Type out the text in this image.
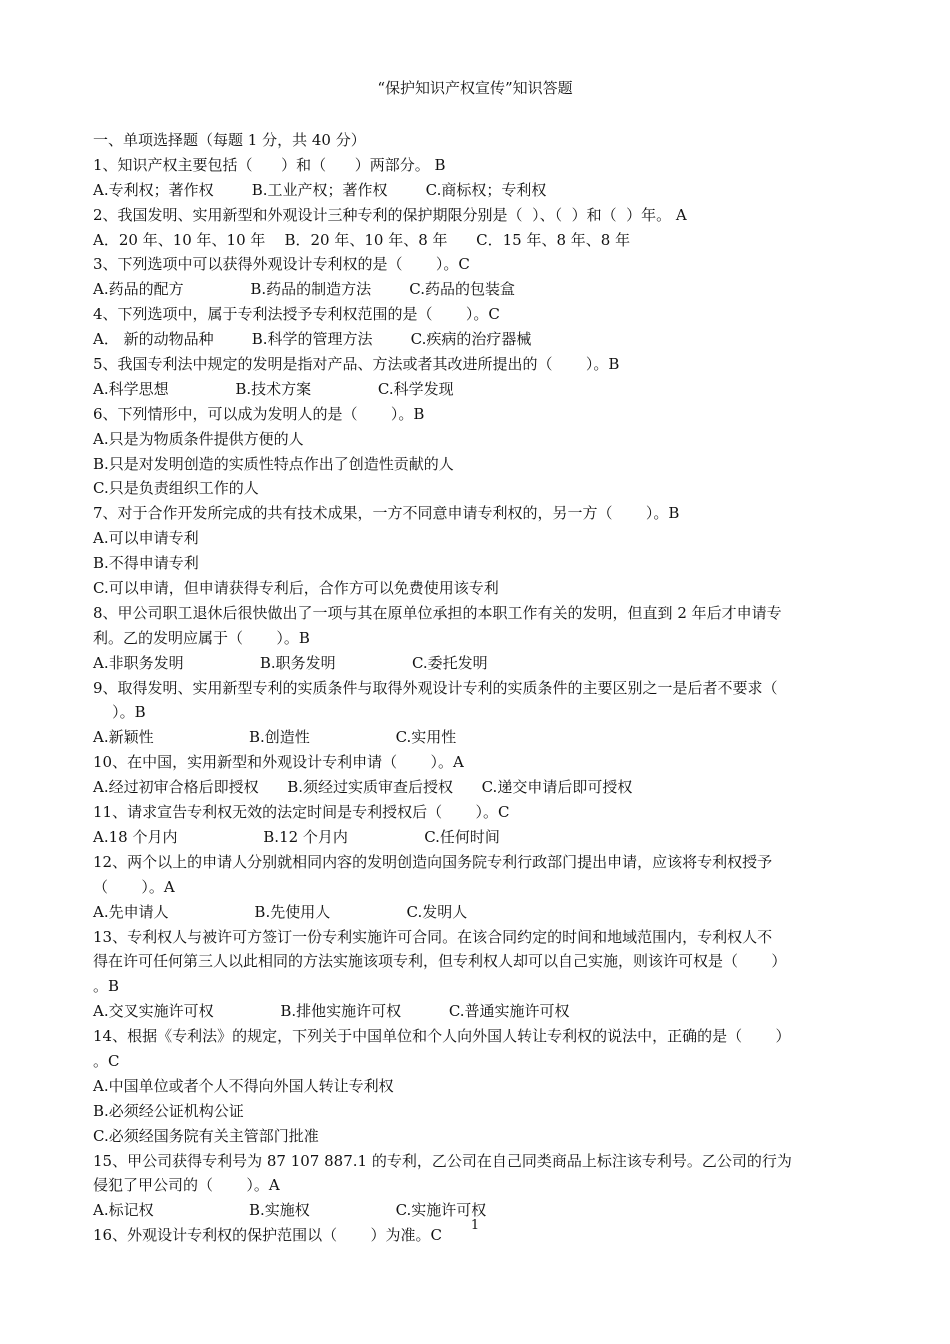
“保护知识产权宣传”知识答题
一、单项选择题（每题 1 分，共 40 分）
1、知识产权主要包括（      ）和（      ）两部分。 B
A.专利权；著作权        B.工业产权；著作权        C.商标权；专利权
2、我国发明、实用新型和外观设计三种专利的保护期限分别是（  ）、（  ）和（  ）年。 A
A．20 年、10 年、10 年    B．20 年、10 年、8 年      C．15 年、8 年、8 年
3、下列选项中可以获得外观设计专利权的是（       ）。C
A.药品的配方              B.药品的制造方法        C.药品的包装盒
4、下列选项中，属于专利法授予专利权范围的是（       ）。C
A． 新的动物品种        B.科学的管理方法        C.疾病的治疗器械
5、我国专利法中规定的发明是指对产品、方法或者其改进所提出的（       ）。B
A.科学思想              B.技术方案              C.科学发现
6、下列情形中，可以成为发明人的是（       ）。B
A.只是为物质条件提供方便的人
B.只是对发明创造的实质性特点作出了创造性贡献的人
C.只是负责组织工作的人
7、对于合作开发所完成的共有技术成果，一方不同意申请专利权的，另一方（       ）。B
A.可以申请专利
B.不得申请专利
C.可以申请，但申请获得专利后，合作方可以免费使用该专利
8、甲公司职工退休后很快做出了一项与其在原单位承担的本职工作有关的发明，但直到 2 年后才申请专
利。乙的发明应属于（       ）。B
A.非职务发明                B.职务发明                C.委托发明
9、取得发明、实用新型专利的实质条件与取得外观设计专利的实质条件的主要区别之一是后者不要求（
）。B
A.新颖性                    B.创造性                  C.实用性
10、在中国，实用新型和外观设计专利申请（       ）。A
A.经过初审合格后即授权      B.须经过实质审查后授权      C.递交申请后即可授权
11、请求宣告专利权无效的法定时间是专利授权后（       ）。C
A.18 个月内                  B.12 个月内                C.任何时间
12、两个以上的申请人分别就相同内容的发明创造向国务院专利行政部门提出申请，应该将专利权授予
（       ）。A
A.先申请人                  B.先使用人                C.发明人
13、专利权人与被许可方签订一份专利实施许可合同。在该合同约定的时间和地域范围内，专利权人不
得在许可任何第三人以此相同的方法实施该项专利，但专利权人却可以自己实施，则该许可权是（       ）
。B
A.交叉实施许可权              B.排他实施许可权          C.普通实施许可权
14、根据《专利法》的规定，下列关于中国单位和个人向外国人转让专利权的说法中，正确的是（       ）
。C
A.中国单位或者个人不得向外国人转让专利权
B.必须经公证机构公证
C.必须经国务院有关主管部门批准
15、甲公司获得专利号为 87 107 887.1 的专利，乙公司在自己同类商品上标注该专利号。乙公司的行为
侵犯了甲公司的（       ）。A
A.标记权                    B.实施权                  C.实施许可权
16、外观设计专利权的保护范围以（       ）为准。C
1
